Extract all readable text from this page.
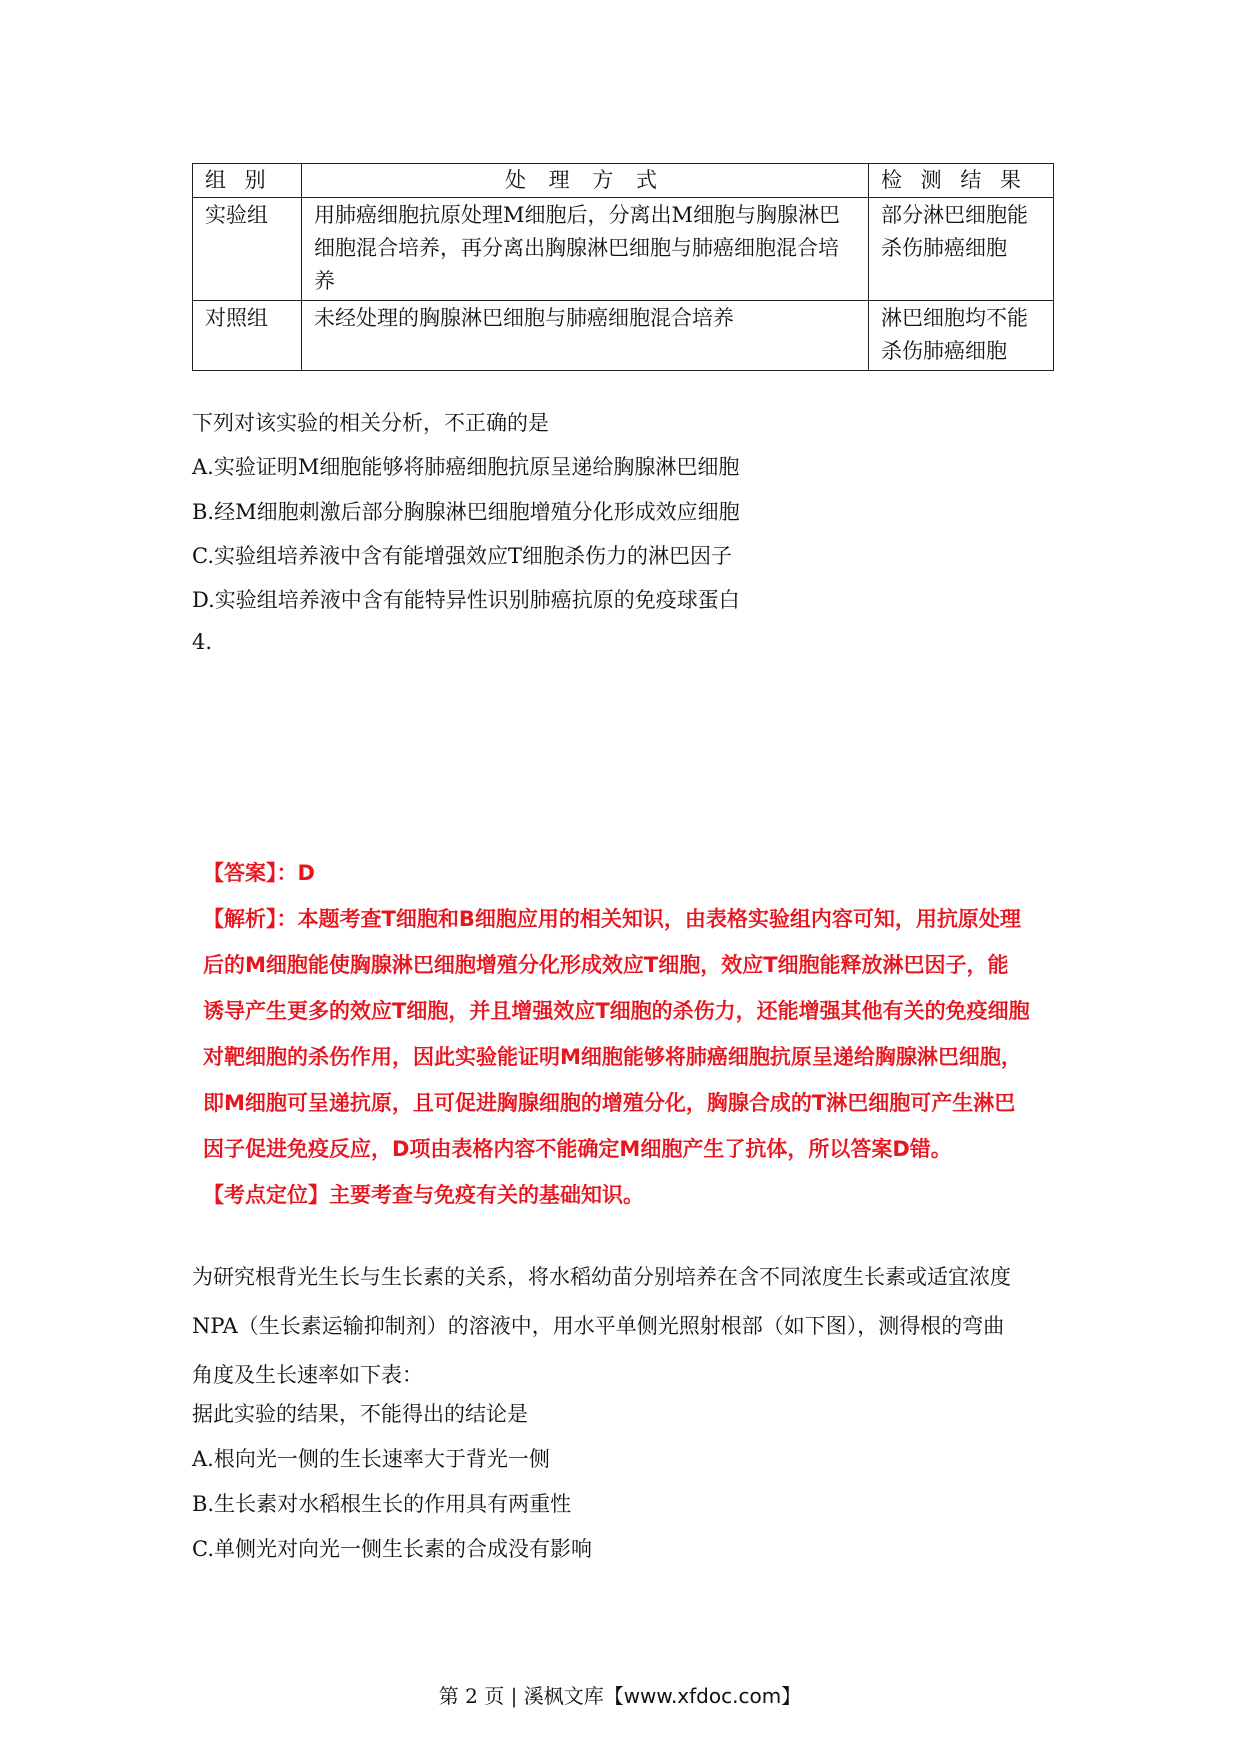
组 别	处 理 方 式	检 测 结 果
实验组	用肺癌细胞抗原处理M细胞后，分离出M细胞与胸腺淋巴细胞混合培养，再分离出胸腺淋巴细胞与肺癌细胞混合培养	部分淋巴细胞能杀伤肺癌细胞
对照组	未经处理的胸腺淋巴细胞与肺癌细胞混合培养	淋巴细胞均不能杀伤肺癌细胞
下列对该实验的相关分析，不正确的是
A.实验证明M细胞能够将肺癌细胞抗原呈递给胸腺淋巴细胞
B.经M细胞刺激后部分胸腺淋巴细胞增殖分化形成效应细胞
C.实验组培养液中含有能增强效应T细胞杀伤力的淋巴因子
D.实验组培养液中含有能特异性识别肺癌抗原的免疫球蛋白
4.

【答案】：D

【解析】：本题考查T细胞和B细胞应用的相关知识，由表格实验组内容可知，用抗原处理

后的M细胞能使胸腺淋巴细胞增殖分化形成效应T细胞，效应T细胞能释放淋巴因子，能

诱导产生更多的效应T细胞，并且增强效应T细胞的杀伤力，还能增强其他有关的免疫细胞

对靶细胞的杀伤作用，因此实验能证明M细胞能够将肺癌细胞抗原呈递给胸腺淋巴细胞，

即M细胞可呈递抗原，且可促进胸腺细胞的增殖分化，胸腺合成的T淋巴细胞可产生淋巴

因子促进免疫反应，D项由表格内容不能确定M细胞产生了抗体，所以答案D错。

【考点定位】主要考查与免疫有关的基础知识。

为研究根背光生长与生长素的关系，将水稻幼苗分别培养在含不同浓度生长素或适宜浓度
NPA（生长素运输抑制剂）的溶液中，用水平单侧光照射根部（如下图），测得根的弯曲
角度及生长速率如下表：
据此实验的结果，不能得出的结论是
A.根向光一侧的生长速率大于背光一侧
B.生长素对水稻根生长的作用具有两重性
C.单侧光对向光一侧生长素的合成没有影响
第 2 页 | 溪枫文库【www.xfdoc.com】
